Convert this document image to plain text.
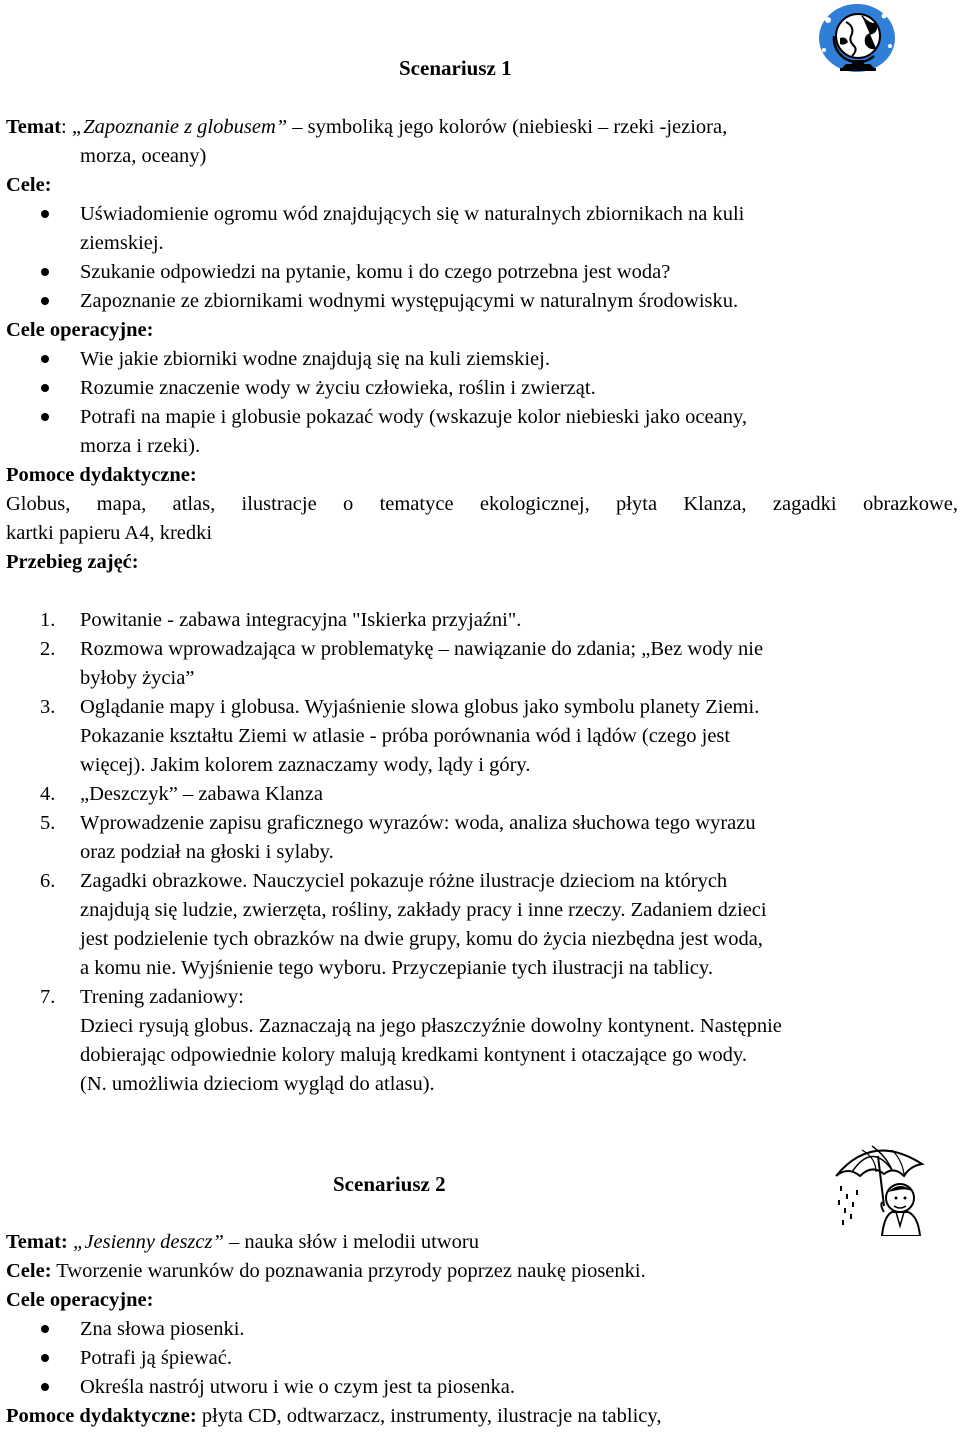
Scenariusz 1
Temat: „Zapoznanie z globusem” – symboliką jego kolorów (niebieski – rzeki -jeziora,
morza, oceany)
Cele:
Uświadomienie ogromu wód znajdujących się w naturalnych zbiornikach na kuli
ziemskiej.
Szukanie odpowiedzi na pytanie, komu i do czego potrzebna jest woda?
Zapoznanie ze zbiornikami wodnymi występującymi w naturalnym środowisku.
Cele operacyjne:
Wie jakie zbiorniki wodne znajdują się na kuli ziemskiej.
Rozumie znaczenie wody w życiu człowieka, roślin i zwierząt.
Potrafi na mapie i globusie pokazać wody (wskazuje kolor niebieski jako oceany,
morza i rzeki).
Pomoce dydaktyczne:
Globus, mapa, atlas, ilustracje o tematyce ekologicznej, płyta Klanza, zagadki obrazkowe,
kartki papieru A4, kredki
Przebieg zajęć:
1. Powitanie - zabawa integracyjna "Iskierka przyjaźni".
2. Rozmowa wprowadzająca w problematykę – nawiązanie do zdania; „Bez wody nie
byłoby życia”
3. Oglądanie mapy i globusa. Wyjaśnienie slowa globus jako symbolu planety Ziemi.
Pokazanie kształtu Ziemi w atlasie - próba porównania wód i lądów (czego jest
więcej). Jakim kolorem zaznaczamy wody, lądy i góry.
4. „Deszczyk” – zabawa Klanza
5. Wprowadzenie zapisu graficznego wyrazów: woda, analiza słuchowa tego wyrazu
oraz podział na głoski i sylaby.
6. Zagadki obrazkowe. Nauczyciel pokazuje różne ilustracje dzieciom na których
znajdują się ludzie, zwierzęta, rośliny, zakłady pracy i inne rzeczy. Zadaniem dzieci
jest podzielenie tych obrazków na dwie grupy, komu do życia niezbędna jest woda,
a komu nie. Wyjśnienie tego wyboru. Przyczepianie tych ilustracji na tablicy.
7. Trening zadaniowy:
Dzieci rysują globus. Zaznaczają na jego płaszczyźnie dowolny kontynent. Następnie
dobierając odpowiednie kolory malują kredkami kontynent i otaczające go wody.
(N. umożliwia dzieciom wygląd do atlasu).
Scenariusz 2
Temat: „Jesienny deszcz” – nauka słów i melodii utworu
Cele: Tworzenie warunków do poznawania przyrody poprzez naukę piosenki.
Cele operacyjne:
Zna słowa piosenki.
Potrafi ją śpiewać.
Określa nastrój utworu i wie o czym jest ta piosenka.
Pomoce dydaktyczne: płyta CD, odtwarzacz, instrumenty, ilustracje na tablicy,
